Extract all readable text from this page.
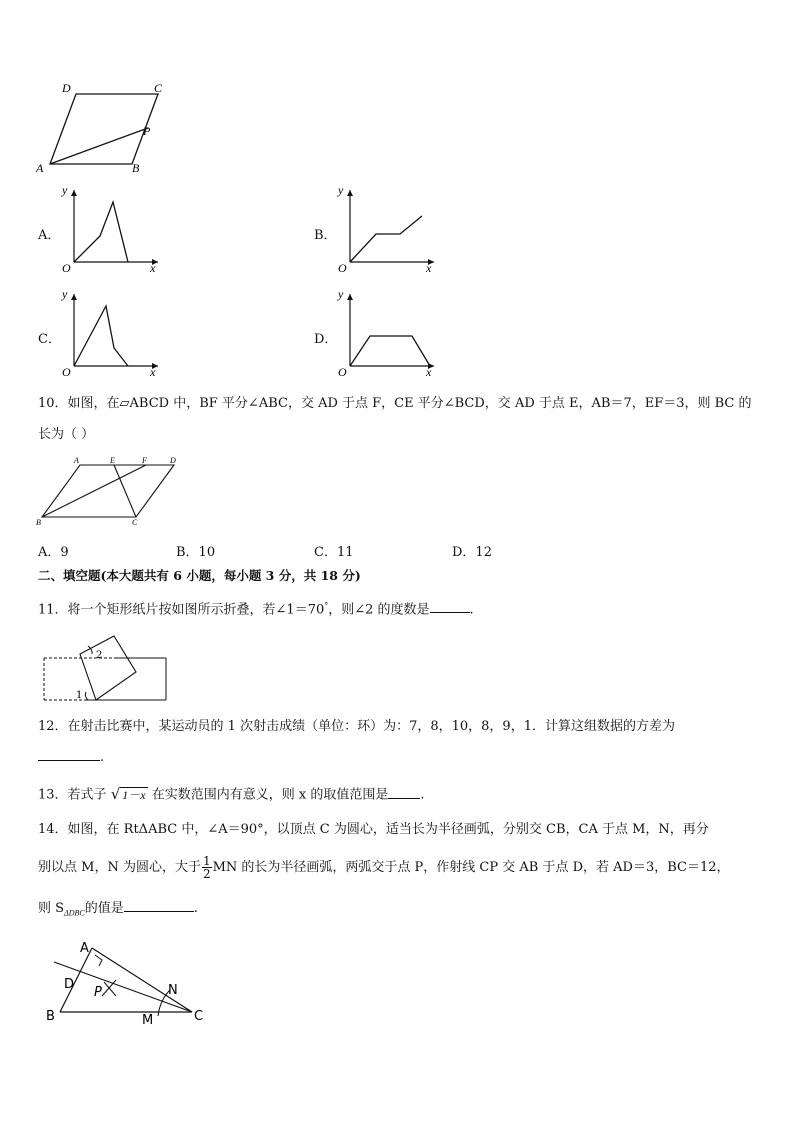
D	C
P
A	B
A．
y
x
O
B．
y
x
O
C．
y
x
O
D．
y
x
O
10．如图，在▱ABCD 中，BF 平分∠ABC，交 AD 于点 F，CE 平分∠BCD，交 AD 于点 E，AB＝7，EF＝3，则 BC 的
长为（ ）
A	E	F	D
B	C
A．9	B．10	C．11	D．12
二、填空题(本大题共有 6 小题，每小题 3 分，共 18 分)
11．将一个矩形纸片按如图所示折叠，若∠1＝70°，则∠2 的度数是	.
1
2
12．在射击比赛中，某运动员的 1 次射击成绩（单位：环）为：7，8，10，8，9，1．计算这组数据的方差为
.
13．若式子 √ 1－x 在实数范围内有意义，则 x 的取值范围是 .
14．如图，在 RtΔABC 中，∠A＝90°，以顶点 C 为圆心，适当长为半径画弧，分别交 CB，CA 于点 M，N，再分
别以点 M，N 为圆心，大于 $\frac{1}{2}$ MN 的长为半径画弧，两弧交于点 P，作射线 CP 交 AB 于点 D，若 AD＝3，BC＝12，
则 $S_{\Delta DBC}$的值是	.
A
D
P
B	M
N
C
